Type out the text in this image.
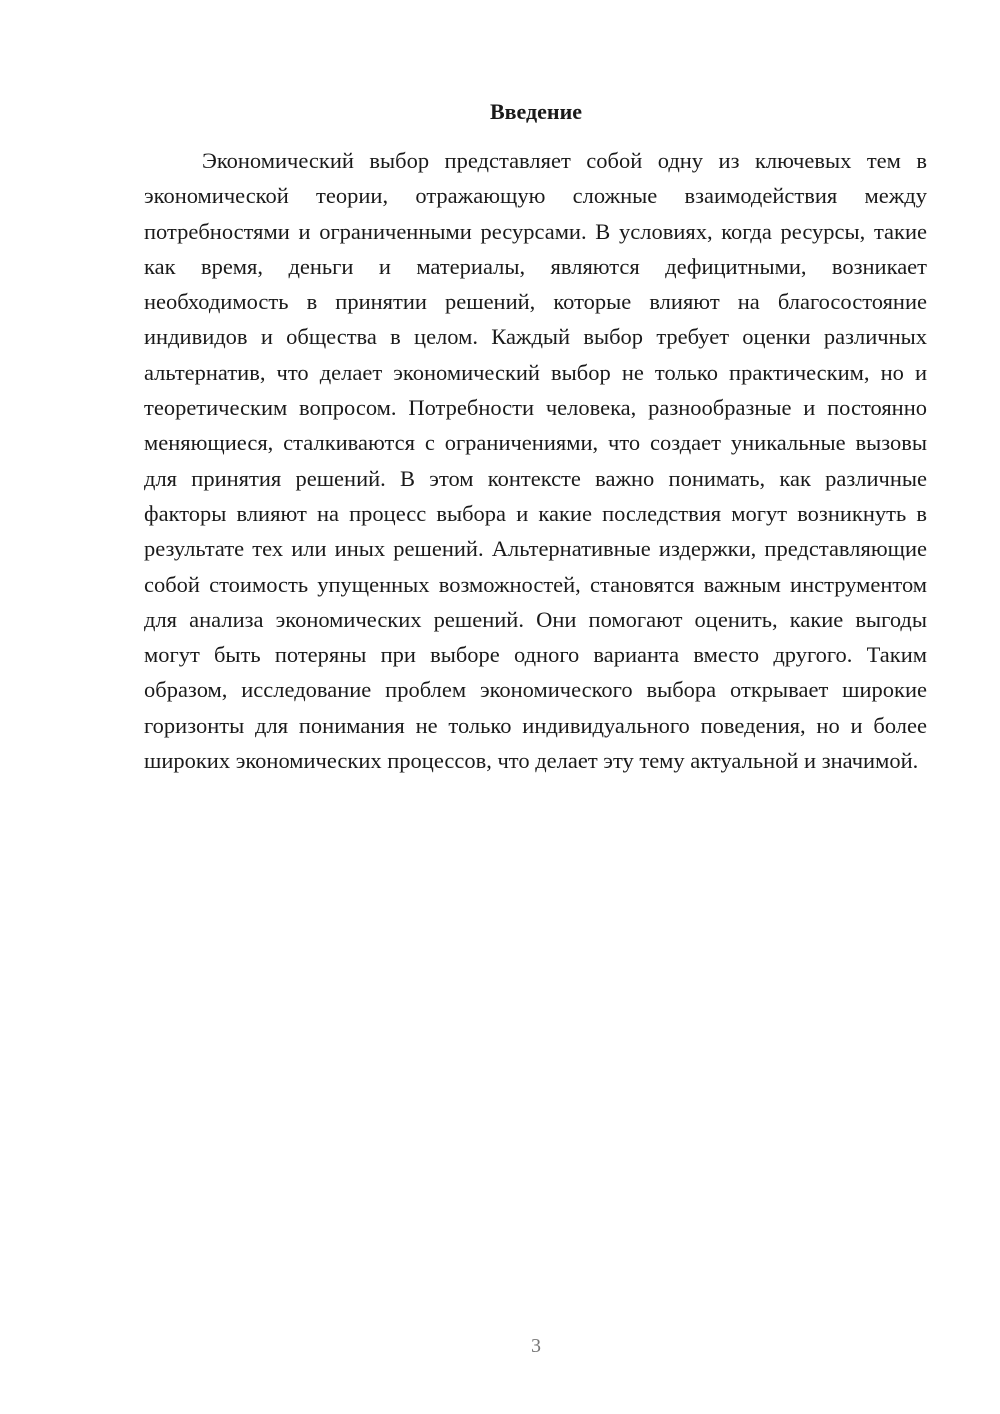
Введение

Экономический выбор представляет собой одну из ключевых тем в экономической теории, отражающую сложные взаимодействия между потребностями и ограниченными ресурсами. В условиях, когда ресурсы, такие как время, деньги и материалы, являются дефицитными, возникает необходимость в принятии решений, которые влияют на благосостояние индивидов и общества в целом. Каждый выбор требует оценки различных альтернатив, что делает экономический выбор не только практическим, но и теоретическим вопросом. Потребности человека, разнообразные и постоянно меняющиеся, сталкиваются с ограничениями, что создает уникальные вызовы для принятия решений. В этом контексте важно понимать, как различные факторы влияют на процесс выбора и какие последствия могут возникнуть в результате тех или иных решений. Альтернативные издержки, представляющие собой стоимость упущенных возможностей, становятся важным инструментом для анализа экономических решений. Они помогают оценить, какие выгоды могут быть потеряны при выборе одного варианта вместо другого. Таким образом, исследование проблем экономического выбора открывает широкие горизонты для понимания не только индивидуального поведения, но и более широких экономических процессов, что делает эту тему актуальной и значимой.

3
